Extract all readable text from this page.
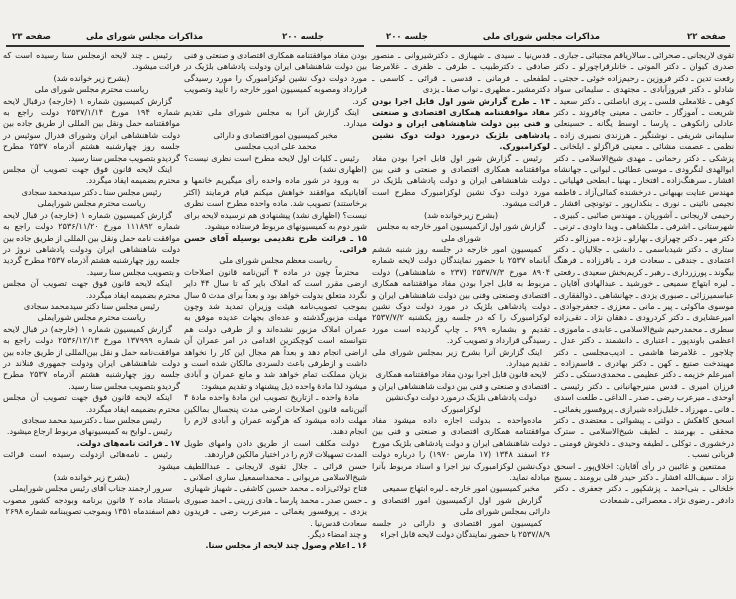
صفحه ۲۲
مذاکرات مجلس شورای ملی
جلسه ۲۰۰

تقوی لاریجانی ـ صحرائی ـ سالاریاقم مجتبائی ـ جباری ـ صدری کیوان ـ دکتر الموتی ـ خانلرقراچورلو ـ دکتر رفعت تدین ـ دکتر فروزین ـ رحیم‌زاده خوئی ـ حجتی ـ شادلو ـ دکتر فیروزآبادی ـ مجتهدی ـ سلیمانی سواد کوهی ـ غلامعلی قلسی ـ پری اباصلتی ـ دکتر سعید ـ شریعت ـ آموزگار ـ حاتمی ـ معینی چافروند ـ دکتر عادلی زانکوهی ـ پارسا ـ اوسط یگانه ـ حسینعلی سلیمانی شریفی ـ نوشنگیر ـ هرزندی نصیری زاده ـ نظمی ـ عصمت مشائی ـ معینی قراگزلو ـ ایلخانی ـ پزشکی ـ دکتر رحمانی ـ مهدی شیخ‌الاسلامی ـ دکتر ابوالهدی لنگرودی ـ موسی عطائی ـ لبوانی ـ جهانشاه افشار ـ سرهنگ‌زاده ـ افتخار ـ بهنیا ـ ابطحی فهلیانی ـ مهندس عنایت بهبهانی ـ درخشنده کمالی‌آزاد ـ فاطمه نجیمی نائینی ـ نوری ـ بنکدارپور ـ توتونچی افشار ـ رحیمی لاریجانی ـ آشوریان ـ مهندس صائبی ـ کبیری ـ شهرستانی ـ اشرفی ـ ملکشاهی ـ ویدا داودی ـ ترنی ـ دکتر مهر ـ دکتر چهرازی ـ بهارلو ـ نژده ـ میرزالو ـ دکتر ستاری ـ دکتر شیدباسمی ـ دانشی ـ جلالیان ـ دکتر اعتمادی ـ جندقی ـ سعادت فرد ـ باقرزاده ـ فرهنگ بیگوند ـ پورزرداری ـ رهبر ـ کریم‌بخش سعیدی ـ رفعتی ـ لیره ابتهاج سمیعی ـ خورشید ـ عبدالهادی آقایان ـ عباسمیرزائی ـ صبوری یزدی ـ جهانشاهی ـ ذوالفقاری ـ موسوی ماکوئی ـ پیر ـ مانی ـ معززی ـ جعفرجوادی ـ امیرعشایری ـ دکتر کردرودی ـ دهقان نژاد ـ تقی‌زاده سطری ـ محمدرحیم شیخ‌الاسلامی ـ عابدی ـ ماموزی ـ اعظمی باوندپور ـ اعتباری ـ دانشمند ـ دکتر عدل ـ چلاجور ـ غلامرضا هاشمی ـ ادیب‌مجلسی ـ دکتر مهیندخت صنیع ـ کهن ـ دکتر بهادری ـ قاسم‌زاده ـ امیرعلم خزیمه ـ دکتر عظیمی ـ محمدی‌دستکی ـ دکتر فرزان امیری ـ قدس منیرجهانبانی ـ دکتر رئیسی ـ اوحدی ـ میرعرب رضی ـ صدر ـ الداغی ـ طلعت اسدی ـ فانی ـ مهرزاد ـ خلیل‌زاده شیرازی ـ پروفسور یغمائی ـ اسحق کاهکش ـ دولتی ـ پیشوائی ـ معتضدی ـ دکتر محققی ـ بهرمند ـ لطیف شیخ‌الاسلامی ـ سترک درخشوری ـ توکلی ـ لطیفه وحیدی ـ دلخوش فومنی ـ قربانی نسب .

ممتنعین و غائبین در رأی آقایان: اخلاق‌پور ـ اسحق نژاد ـ سیف‌الله افشار ـ دکتر حیدر قلی برومند ـ بسیج خلخالی ـ بنی‌احمد ـ پزشکپور ـ دکتر جعفری ـ دکتر دادفر ـ رضوی نژاد ـ معصرائی ـ شمعادت

قدس‌نیا ـ سیدی ـ شهبازی ـ دکترشیروانی ـ منصور صادقی ـ دکترطبیب ـ طرفی ـ ظفری ـ غلامرضا لطفعلی ـ فرمانی ـ قدسی ـ قرائی ـ کاسمی ـ دکترمشیر ـ مظهری ـ نواب صفا ـ یزدی

۱۴ ـ طرح گزارش شور اول قابل اجرا بودن مفاد موافقتنامه همکاری اقتصادی و صنعتی و فنی بین دولت شاهنشاهی ایران و دولت پادشاهی بلژیک درمورد دولت دوک نشین لوکزامبورک.

رئیس ـ گزارش شور اول قابل اجرا بودن مفاد موافقتنامه همکاری اقتصادی و صنعتی و فنی بین دولت شاهنشاهی ایران و دولت پادشاهی بلژیک در مورد دولت دوک نشین لوکزامبورک مطرح است قرائت میشود.

(بشرح زیرخوانده شد)

گزارش شور اول ازکمیسیون امور خارجه به مجلس شورای ملی

کمیسیون امور خارجه در جلسه روز شنبه ششم آبانماه ۲۵۳۷ با حضور نمایندگان دولت لایحه شماره ۸۹۰۴ مورخ ۲۵۳۷/۷/۳ (۲۳۷ ه شاهنشاهی) دولت مربوط به قابل اجرا بودن مفاد موافقتنامه همکاری اقتصادی وصنعتی وفنی بین دولت شاهنشاهی ایران و دولت پادشاهی بلژیک در مورد دولت دوک نشین لوکزامبورک را که در جلسه روز یکشنبه ۲۵۳۷/۷/۲ تقدیم و بشماره ۶۹۹ ـ چاپ گردیده است مورد رسیدگی قرارداد و تصویب کرد.

اینک گزارش آنرا بشرح زیر بمجلس شورای ملی تقدیم میدارد.

لایحه قانون قابل اجرا بودن مفاد موافقتنامه همکاری اقتصادی و صنعتی و فنی بین دولت شاهنشاهی ایران و دولت پادشاهی بلژیک درمورد دولت دوک‌نشین لوکزامبورک

ماده‌واحده ـ بدولت اجازه داده میشود مفاد موافقتنامه همکاری اقتصادی و صنعتی و فنی بین دولت شاهنشاهی ایران و دولت پادشاهی بلژیک مورخ ۲۶ اسفند ۱۳۴۸ (۱۷ مارس ۱۹۷۰) را درباره دولت دوک‌نشین لوکزامبورک نیز اجرا و اسناد مربوط بآنرا مبادله نماید.

مخبر کمیسیون امور خارجه ـ لیره ابتهاج سمیعی

گزارش شور اول ازکمیسیون امور اقتصادی و دارائی بمجلس شورای ملی

کمیسیون امور اقتصادی و دارائی در جلسه ۲۵۳۷/۸/۹ با حضور نمایندگان دولت لایحه قابل اجراء

جلسه ۲۰۰
مذاکرات مجلس شورای ملی
صفحه ۲۳

بودن مفاد موافقتنامه همکاری اقتصادی و صنعتی و فنی بین دولت شاهنشاهی ایران ودولت پادشاهی بلژیک در مورد دولت دوک نشین لوکزامبورک را مورد رسیدگی قرارداد ومصوبه کمیسیون امور خارجه را تأیید وتصویب کرد.

اینک گزارش آنرا به مجلس شورای ملی تقدیم میدارد.

مخبر کمیسیون اموراقتصادی و دارائی

محمد علی ادیب مجلسی

رئیس ـ کلیات اول لایحه مطرح است نظری نیست؟ (اظهاری نشد)

به ورود در شور ماده واحده رأی میگیریم خانمها و آقایانیکه موافقند خواهش میکنم قیام فرمایند (اکثر برخاستند) تصویب شد. ماده واحده مطرح است نظری نیست؟ (اظهاری نشد) پیشنهادی هم نرسیده لایحه برای شور دوم به کمیسیونهای مربوط فرستاده میشود.

۱۵ ـ قرائت طرح تقدیمی بوسیله آقای حسن قرائی.

ریاست معظم مجلس شورای ملی

محترماً چون در ماده ۴ آئین‌نامه قانون اصلاحات ارضی مقرر است که املاک بایر که تا سال ۴۴ دایر نگردد متعلق بدولت خواهد بود و بعداً برای مدت ۵ سال بموجب تصویب‌نامه هیئت وزیران تمدید شد وچون مهلت مزبورگذشته و عده‌ای بجهات عدیده موفق به عمران املاک مزبور نشده‌اند و از طرفی دولت هم نتوانسته است کوچکترین اقدامی در امر عمران آن اراضی انجام دهد و بعداً هم مجال این کار را نخواهد داشت و ازطرفی باعث دلسردی مالکان شده است و بزیان مملکت تمام خواهد شد و مانع عمران و آبادی میشود لذا مادهٔ واحده ذیل پیشنهاد و تقدیم میشود:

مادهٔ واحده ـ ازتاریخ تصویب این مادهٔ واحده مادهٔ ۴ آئین‌نامه قانون اصلاحات ارضی مدت پنجسال بمالکین مهلت داده میشود که هرگونه عمران و آبادی لازم را انجام دهند.

دولت مکلف است از طریق دادن وامهای طویل المدت تسهیلات لازم را در اختیار مالکین قراردهد.

حسن قرائی ـ جلال تقوی لاریجانی ـ عبداللطیف شیخ‌الاسلامی مریوانی ـ محمداسمعیل ساری اصلانی ـ فتاح تولائی‌زاده ـ محمد حسین کاشفی ـ شهباز شهبازی ـ حسن صدر ـ محمد پارسا ـ هادی زرینی ـ احمد صبوری یزدی ـ پروفسور یغمائی ـ میرعرب رضی ـ فریدون سعادت قدس‌نیا .

و چند امضاء دیگر.

۱۶ ـ اعلام وصول چند لایحه از مجلس سنا.

رئیس ـ چند لایحه ازمجلس سنا رسیده است که قرائت میشود.

(بشرح زیر خوانده شد)

ریاست محترم مجلس شورای ملی

گزارش کمیسیون شماره ۱ (خارجه) درقبال لایحه شماره ۱۹۴ مورخ ۲۵۳۷/۱/۱۴ دولت راجع به موافقتنامه حمل ونقل بین المللی از طریق جاده بین دولت شاهنشاهی ایران وشورای فدرال سوئیس در جلسه روز چهارشنبه هشتم آذرماه ۲۵۳۷ مطرح گردیدو بتصویب مجلس سنا رسید.

اینک لایحه قانون فوق جهت تصویب آن مجلس محترم بضمیمه ایفاد میگردد.

رئیس مجلس سنا ـ دکتر سیدمحمد سجادی

ریاست محترم مجلس شورایملی

گزارش کمیسیون شماره ۱ (خارجه) در قبال لایحه شماره ۱۱۱۸۹۲ مورخ ۲۵۳۶/۱۱/۲۰ دولت راجع به موافقت نامه حمل ونقل بین المللی از طریق جاده بین دولت شاهنشاهی ایران ودولت پادشاهی نروژ در جلسه روز چهارشنبه هشتم آذرماه ۲۵۳۷ مطرح گردید و بتصویب مجلس سنا رسید.

اینکه لایحه قانون فوق جهت تصویب آن مجلس محترم بضمیمه ایفاد میگردد.

رئیس مجلس سنا دکتر سیدمحمد سجادی

ریاست محترم مجلس شورایملی

گزارش کمیسیون شماره ۱ (خارجه) در قبال لایحه شماره ۱۳۷۹۹۹ مورخ ۲۵۳۶/۱۲/۱۳ دولت راجع به موافقت‌نامه حمل و نقل بین‌المللی از طریق جاده بین دولت شاهنشاهی ایران ودولت جمهوری فنلاند در جلسه روز چهارشنبه هشتم آذرماه ۲۵۳۷ مطرح گردیدو بتصویب مجلس سنا رسید.

اینکه لایحه قانون فوق جهت تصویب آن مجلس محترم بضمیمه ایفاد میگردد.

رئیس مجلس سنا ـ دکترسید محمد سجادی

رئیس ـ لوایح به کمیسیونهای مربوط ارجاع میشود.

۱۷ ـ قرائت نامه‌های دولت.

رئیس ـ نامه‌هائی ازدولت رسیده است قرائت میشود

(بشرح زیر خوانده شد)

سرور ارجمند جناب آقای رئیس مجلس شورایملی

باستناد ماده ۲ قانون برنامه وبودجه کشور مصوب دهم اسفندماه ۱۳۵۱ وبموجب تصویبنامه شماره ۲۶۹۸
